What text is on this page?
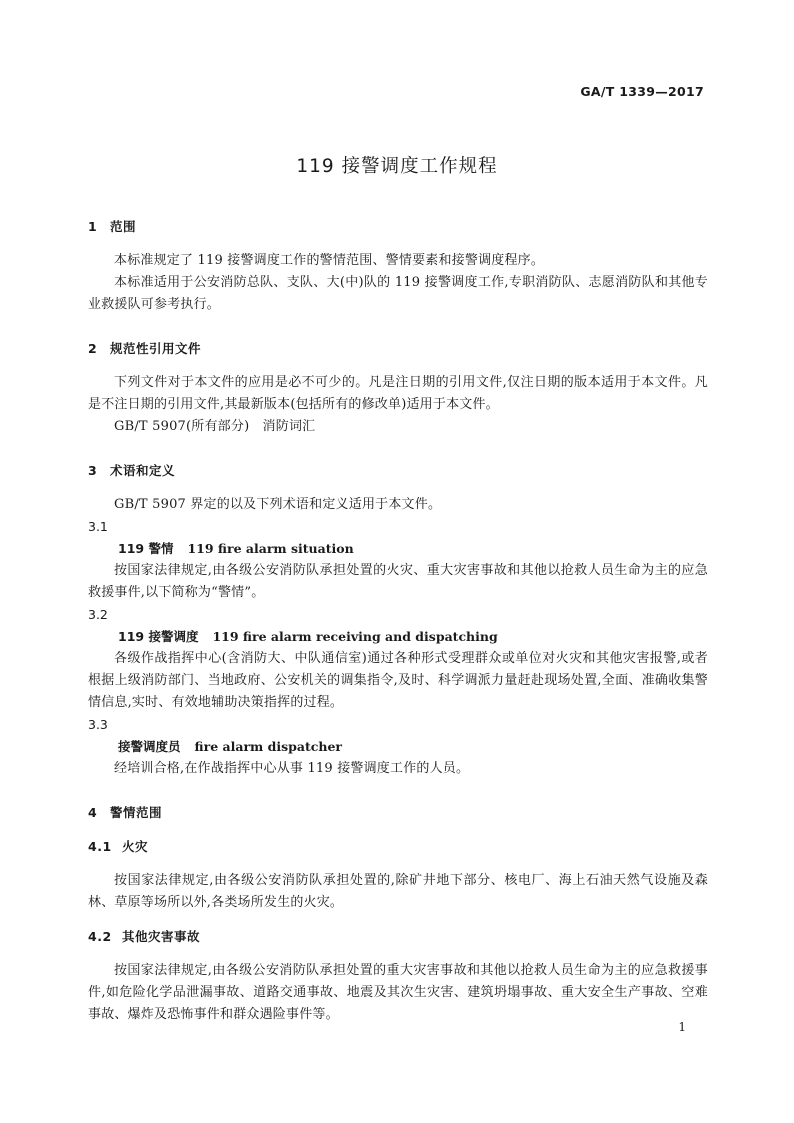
GA/T 1339—2017
119 接警调度工作规程
1 范围

本标准规定了 119 接警调度工作的警情范围、警情要素和接警调度程序。

本标准适用于公安消防总队、支队、大(中)队的 119 接警调度工作,专职消防队、志愿消防队和其他专业救援队可参考执行。

2 规范性引用文件

下列文件对于本文件的应用是必不可少的。凡是注日期的引用文件,仅注日期的版本适用于本文件。凡是不注日期的引用文件,其最新版本(包括所有的修改单)适用于本文件。

GB/T 5907(所有部分)　消防词汇

3 术语和定义

GB/T 5907 界定的以及下列术语和定义适用于本文件。

3.1
119 警情 119 fire alarm situation

按国家法律规定,由各级公安消防队承担处置的火灾、重大灾害事故和其他以抢救人员生命为主的应急救援事件,以下简称为“警情”。

3.2
119 接警调度 119 fire alarm receiving and dispatching

各级作战指挥中心(含消防大、中队通信室)通过各种形式受理群众或单位对火灾和其他灾害报警,或者根据上级消防部门、当地政府、公安机关的调集指令,及时、科学调派力量赶赴现场处置,全面、准确收集警情信息,实时、有效地辅助决策指挥的过程。

3.3
接警调度员 fire alarm dispatcher

经培训合格,在作战指挥中心从事 119 接警调度工作的人员。

4 警情范围
4.1 火灾

按国家法律规定,由各级公安消防队承担处置的,除矿井地下部分、核电厂、海上石油天然气设施及森林、草原等场所以外,各类场所发生的火灾。

4.2 其他灾害事故

按国家法律规定,由各级公安消防队承担处置的重大灾害事故和其他以抢救人员生命为主的应急救援事件,如危险化学品泄漏事故、道路交通事故、地震及其次生灾害、建筑坍塌事故、重大安全生产事故、空难事故、爆炸及恐怖事件和群众遇险事件等。

1
